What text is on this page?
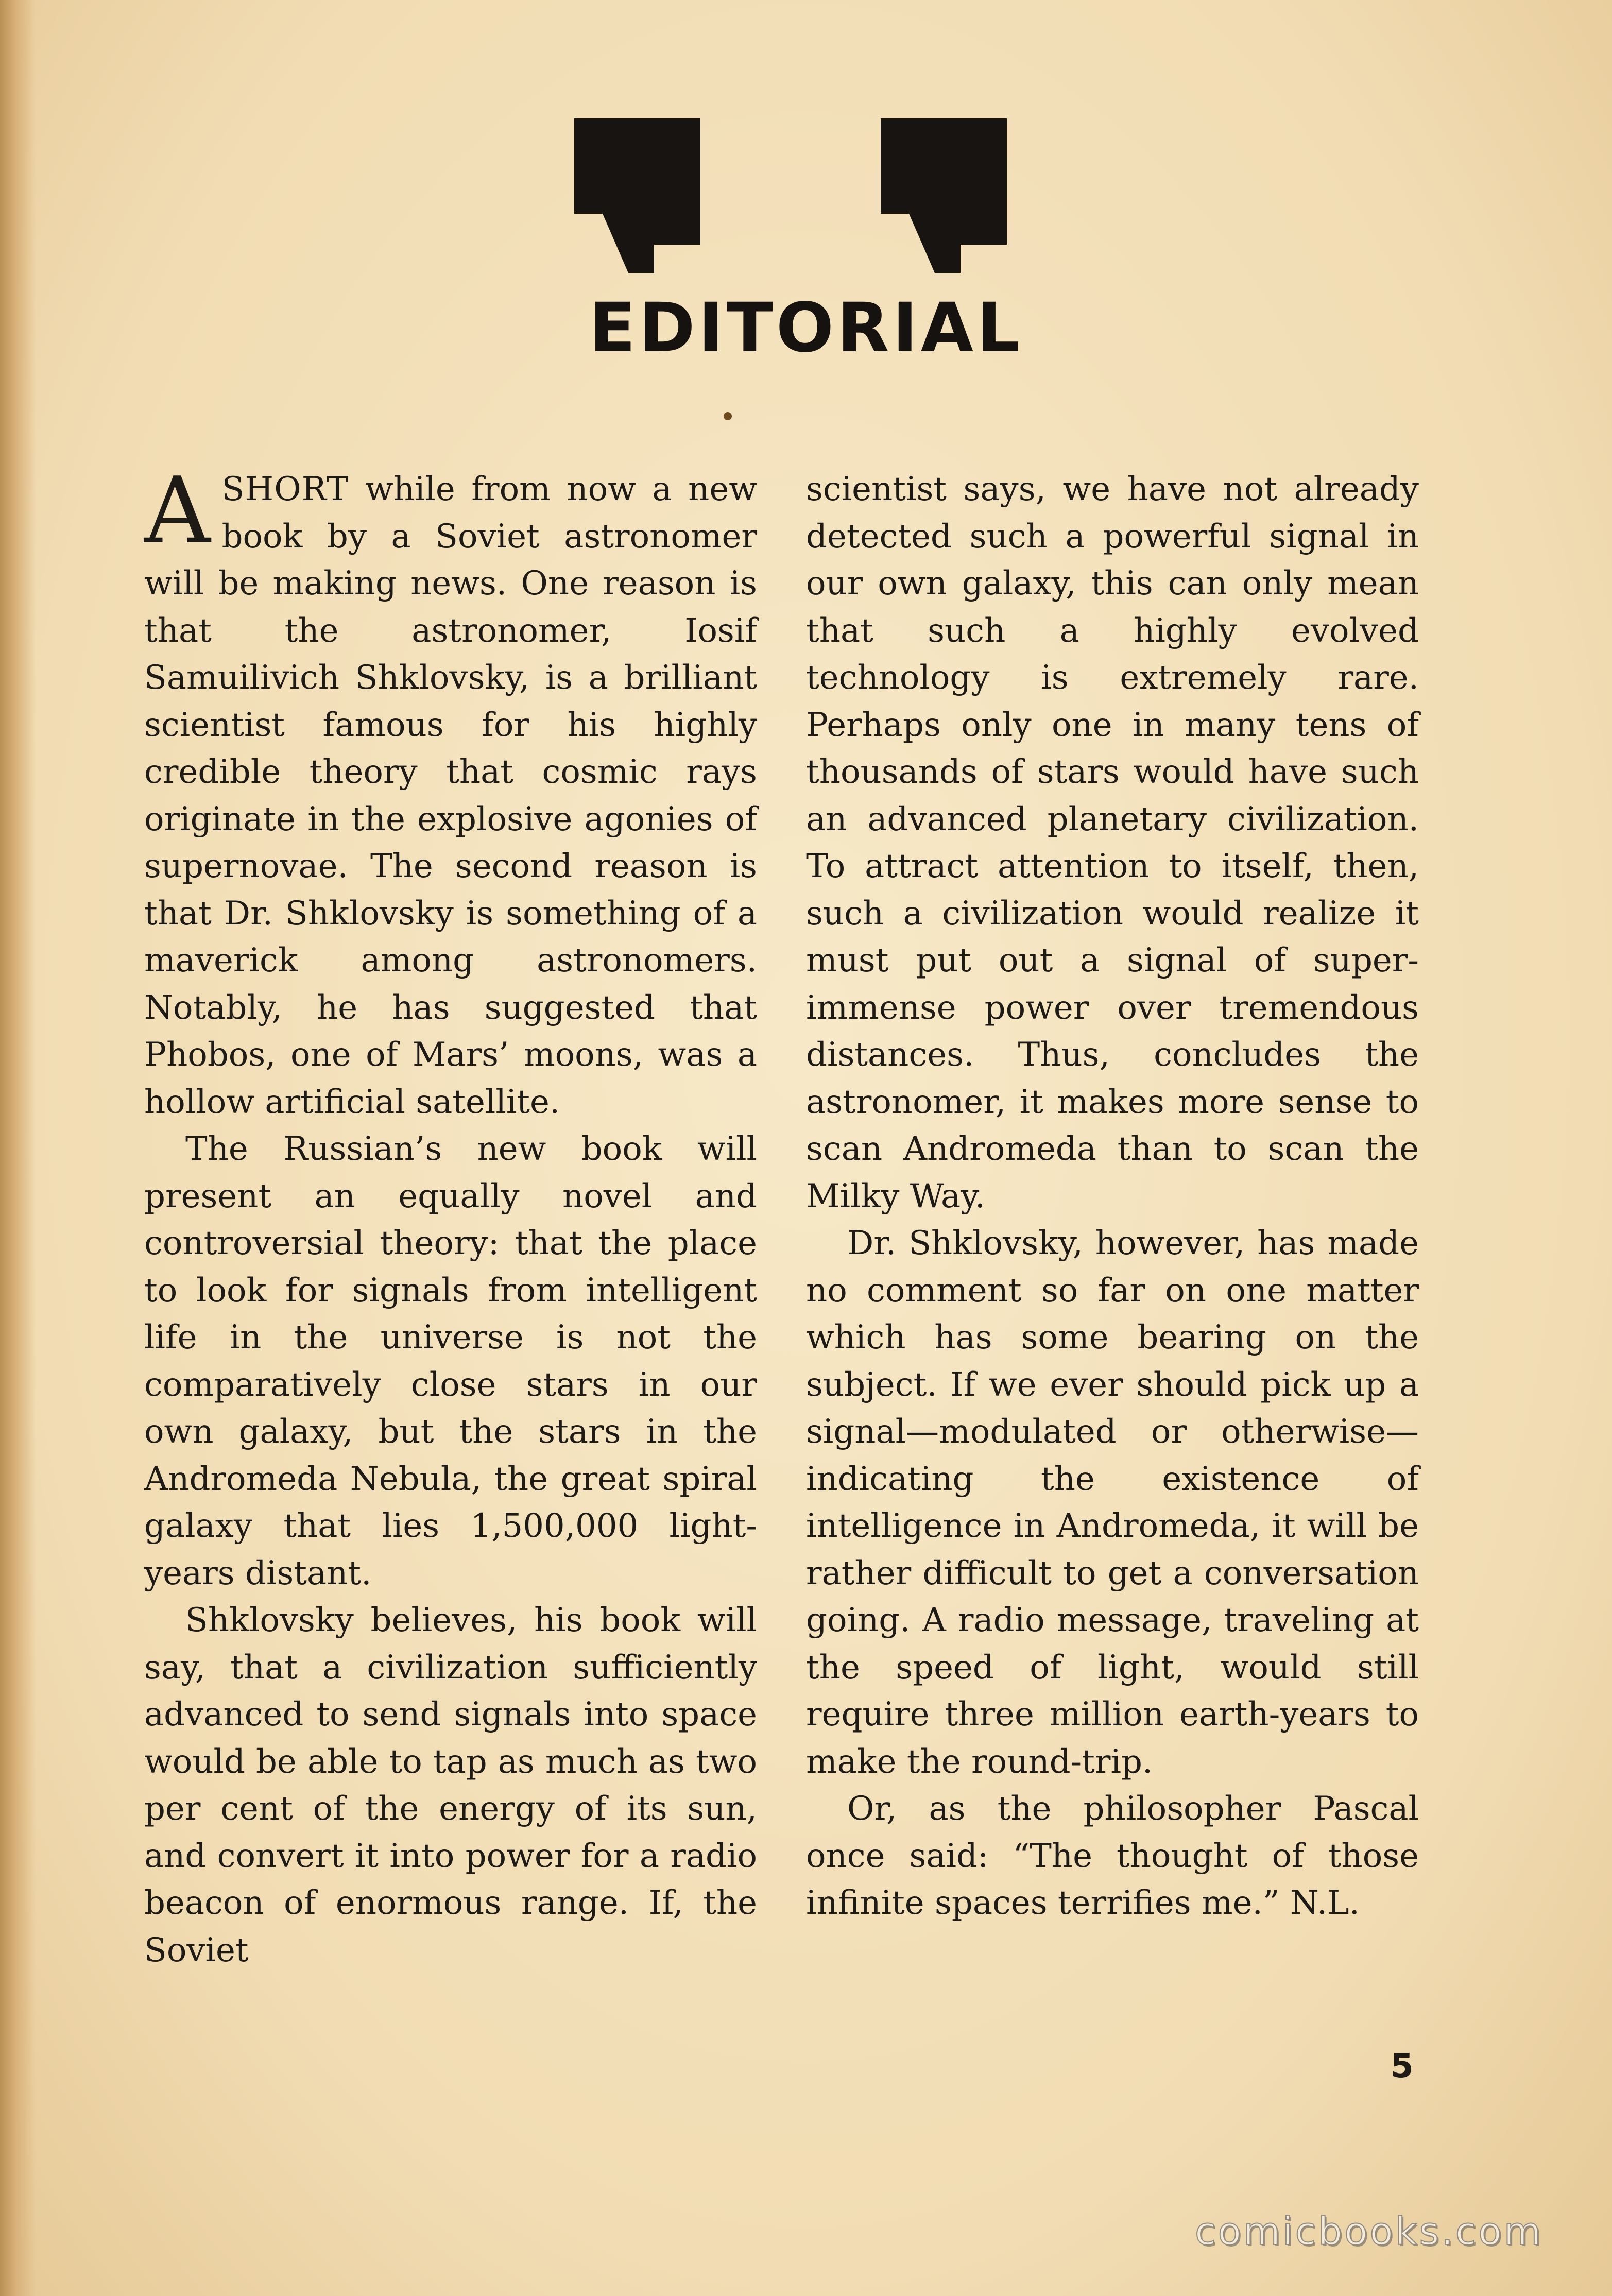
EDITORIAL

ASHORT while from now a new book by a Soviet astronomer will be making news. One reason is that the astronomer, Iosif Samuilivich Shklovsky, is a brilliant scientist famous for his highly credible theory that cosmic rays originate in the explosive agonies of supernovae. The second reason is that Dr. Shklovsky is something of a maverick among astronomers. Notably, he has suggested that Phobos, one of Mars’ moons, was a hollow artificial satellite.

The Russian’s new book will present an equally novel and controversial theory: that the place to look for signals from intelligent life in the universe is not the comparatively close stars in our own galaxy, but the stars in the Andromeda Nebula, the great spiral galaxy that lies 1,500,000 light-years distant.

Shklovsky believes, his book will say, that a civilization sufficiently advanced to send signals into space would be able to tap as much as two per cent of the energy of its sun, and convert it into power for a radio beacon of enormous range. If, the Soviet

scientist says, we have not already detected such a powerful signal in our own galaxy, this can only mean that such a highly evolved technology is extremely rare. Perhaps only one in many tens of thousands of stars would have such an advanced planetary civilization. To attract attention to itself, then, such a civilization would realize it must put out a signal of super-immense power over tremendous distances. Thus, concludes the astronomer, it makes more sense to scan Andromeda than to scan the Milky Way.

Dr. Shklovsky, however, has made no comment so far on one matter which has some bearing on the subject. If we ever should pick up a signal—modulated or otherwise—indicating the existence of intelligence in Andromeda, it will be rather difficult to get a conversation going. A radio message, traveling at the speed of light, would still require three million earth-years to make the round-trip.

Or, as the philosopher Pascal once said: “The thought of those infinite spaces terrifies me.” N.L.

5
comicbooks.com
